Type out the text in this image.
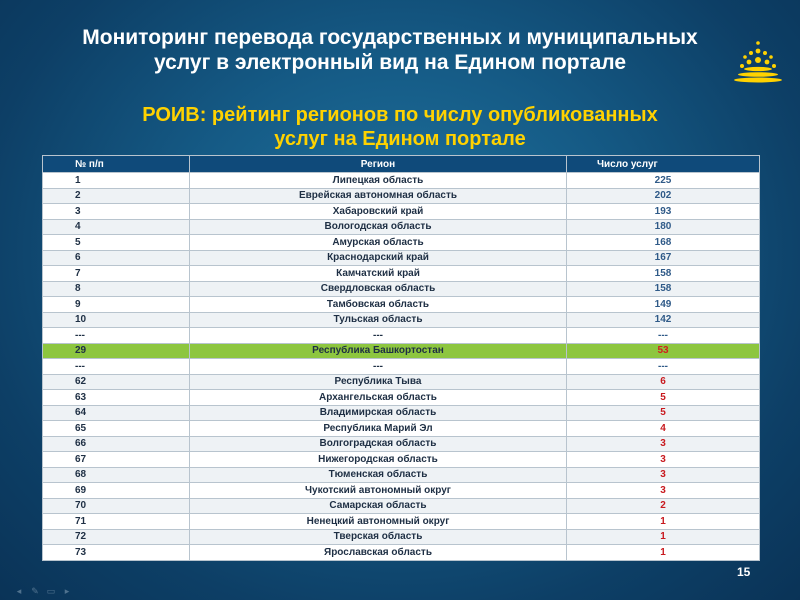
Мониторинг перевода государственных и муниципальных
услуг в электронный вид на Едином портале
РОИВ: рейтинг регионов по числу опубликованных
услуг на Едином портале
№ п/п	Регион	Число услуг
1	Липецкая область	225
2	Еврейская автономная область	202
3	Хабаровский край	193
4	Вологодская область	180
5	Амурская область	168
6	Краснодарский край	167
7	Камчатский край	158
8	Свердловская область	158
9	Тамбовская область	149
10	Тульская область	142
---	---	---
29	Республика Башкортостан	53
---	---	---
62	Республика Тыва	6
63	Архангельская область	5
64	Владимирская область	5
65	Республика Марий Эл	4
66	Волгоградская область	3
67	Нижегородская область	3
68	Тюменская область	3
69	Чукотский автономный округ	3
70	Самарская область	2
71	Ненецкий автономный округ	1
72	Тверская область	1
73	Ярославская область	1
15
◂	✎ ▭	▸
